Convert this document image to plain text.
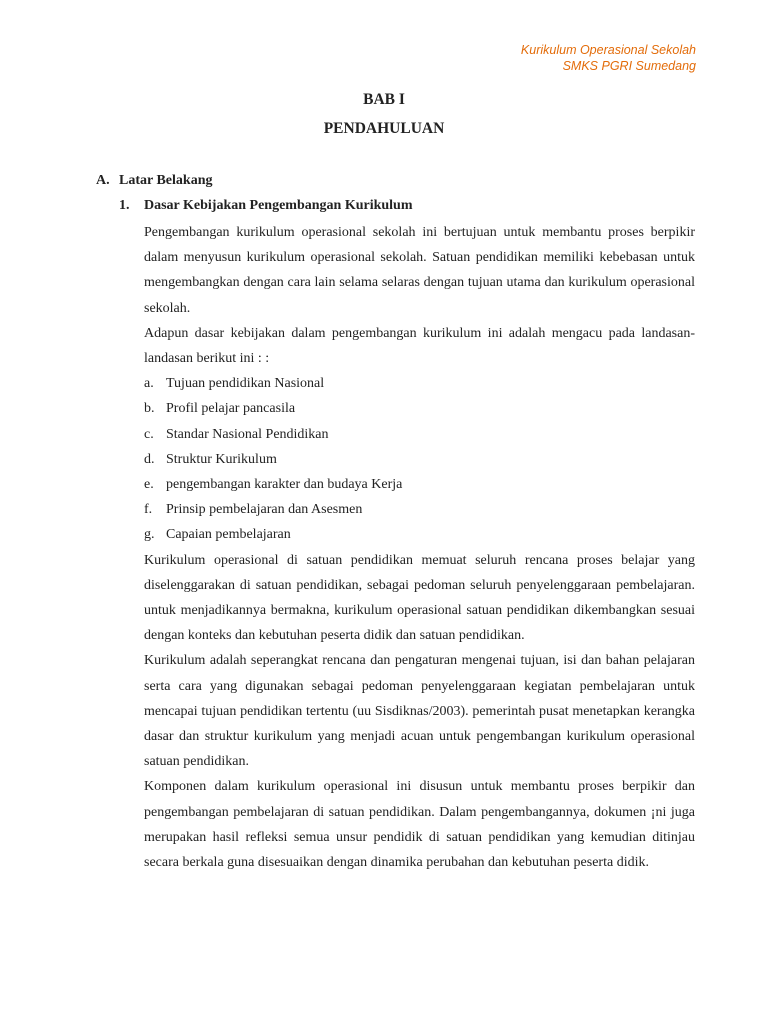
Kurikulum Operasional Sekolah
SMKS PGRI Sumedang
BAB I
PENDAHULUAN
A. Latar Belakang
1. Dasar Kebijakan Pengembangan Kurikulum

Pengembangan kurikulum operasional sekolah ini bertujuan untuk membantu proses berpikir dalam menyusun kurikulum operasional sekolah. Satuan pendidikan memiliki kebebasan untuk mengembangkan dengan cara lain selama selaras dengan tujuan utama dan kurikulum operasional sekolah.

Adapun dasar kebijakan dalam pengembangan kurikulum ini adalah mengacu pada landasan-landasan berikut ini : :

a. Tujuan pendidikan Nasional
b. Profil pelajar pancasila
c. Standar Nasional Pendidikan
d. Struktur Kurikulum
e. pengembangan karakter dan budaya Kerja
f. Prinsip pembelajaran dan Asesmen
g. Capaian pembelajaran

Kurikulum operasional di satuan pendidikan memuat seluruh rencana proses belajar yang diselenggarakan di satuan pendidikan, sebagai pedoman seluruh penyelenggaraan pembelajaran. untuk menjadikannya bermakna, kurikulum operasional satuan pendidikan dikembangkan sesuai dengan konteks dan kebutuhan peserta didik dan satuan pendidikan.

Kurikulum adalah seperangkat rencana dan pengaturan mengenai tujuan, isi dan bahan pelajaran serta cara yang digunakan sebagai pedoman penyelenggaraan kegiatan pembelajaran untuk mencapai tujuan pendidikan tertentu (uu Sisdiknas/2003). pemerintah pusat menetapkan kerangka dasar dan struktur kurikulum yang menjadi acuan untuk pengembangan kurikulum operasional satuan pendidikan.

Komponen dalam kurikulum operasional ini disusun untuk membantu proses berpikir dan pengembangan pembelajaran di satuan pendidikan. Dalam pengembangannya, dokumen ¡ni juga merupakan hasil refleksi semua unsur pendidik di satuan pendidikan yang kemudian ditinjau secara berkala guna disesuaikan dengan dinamika perubahan dan kebutuhan peserta didik.
